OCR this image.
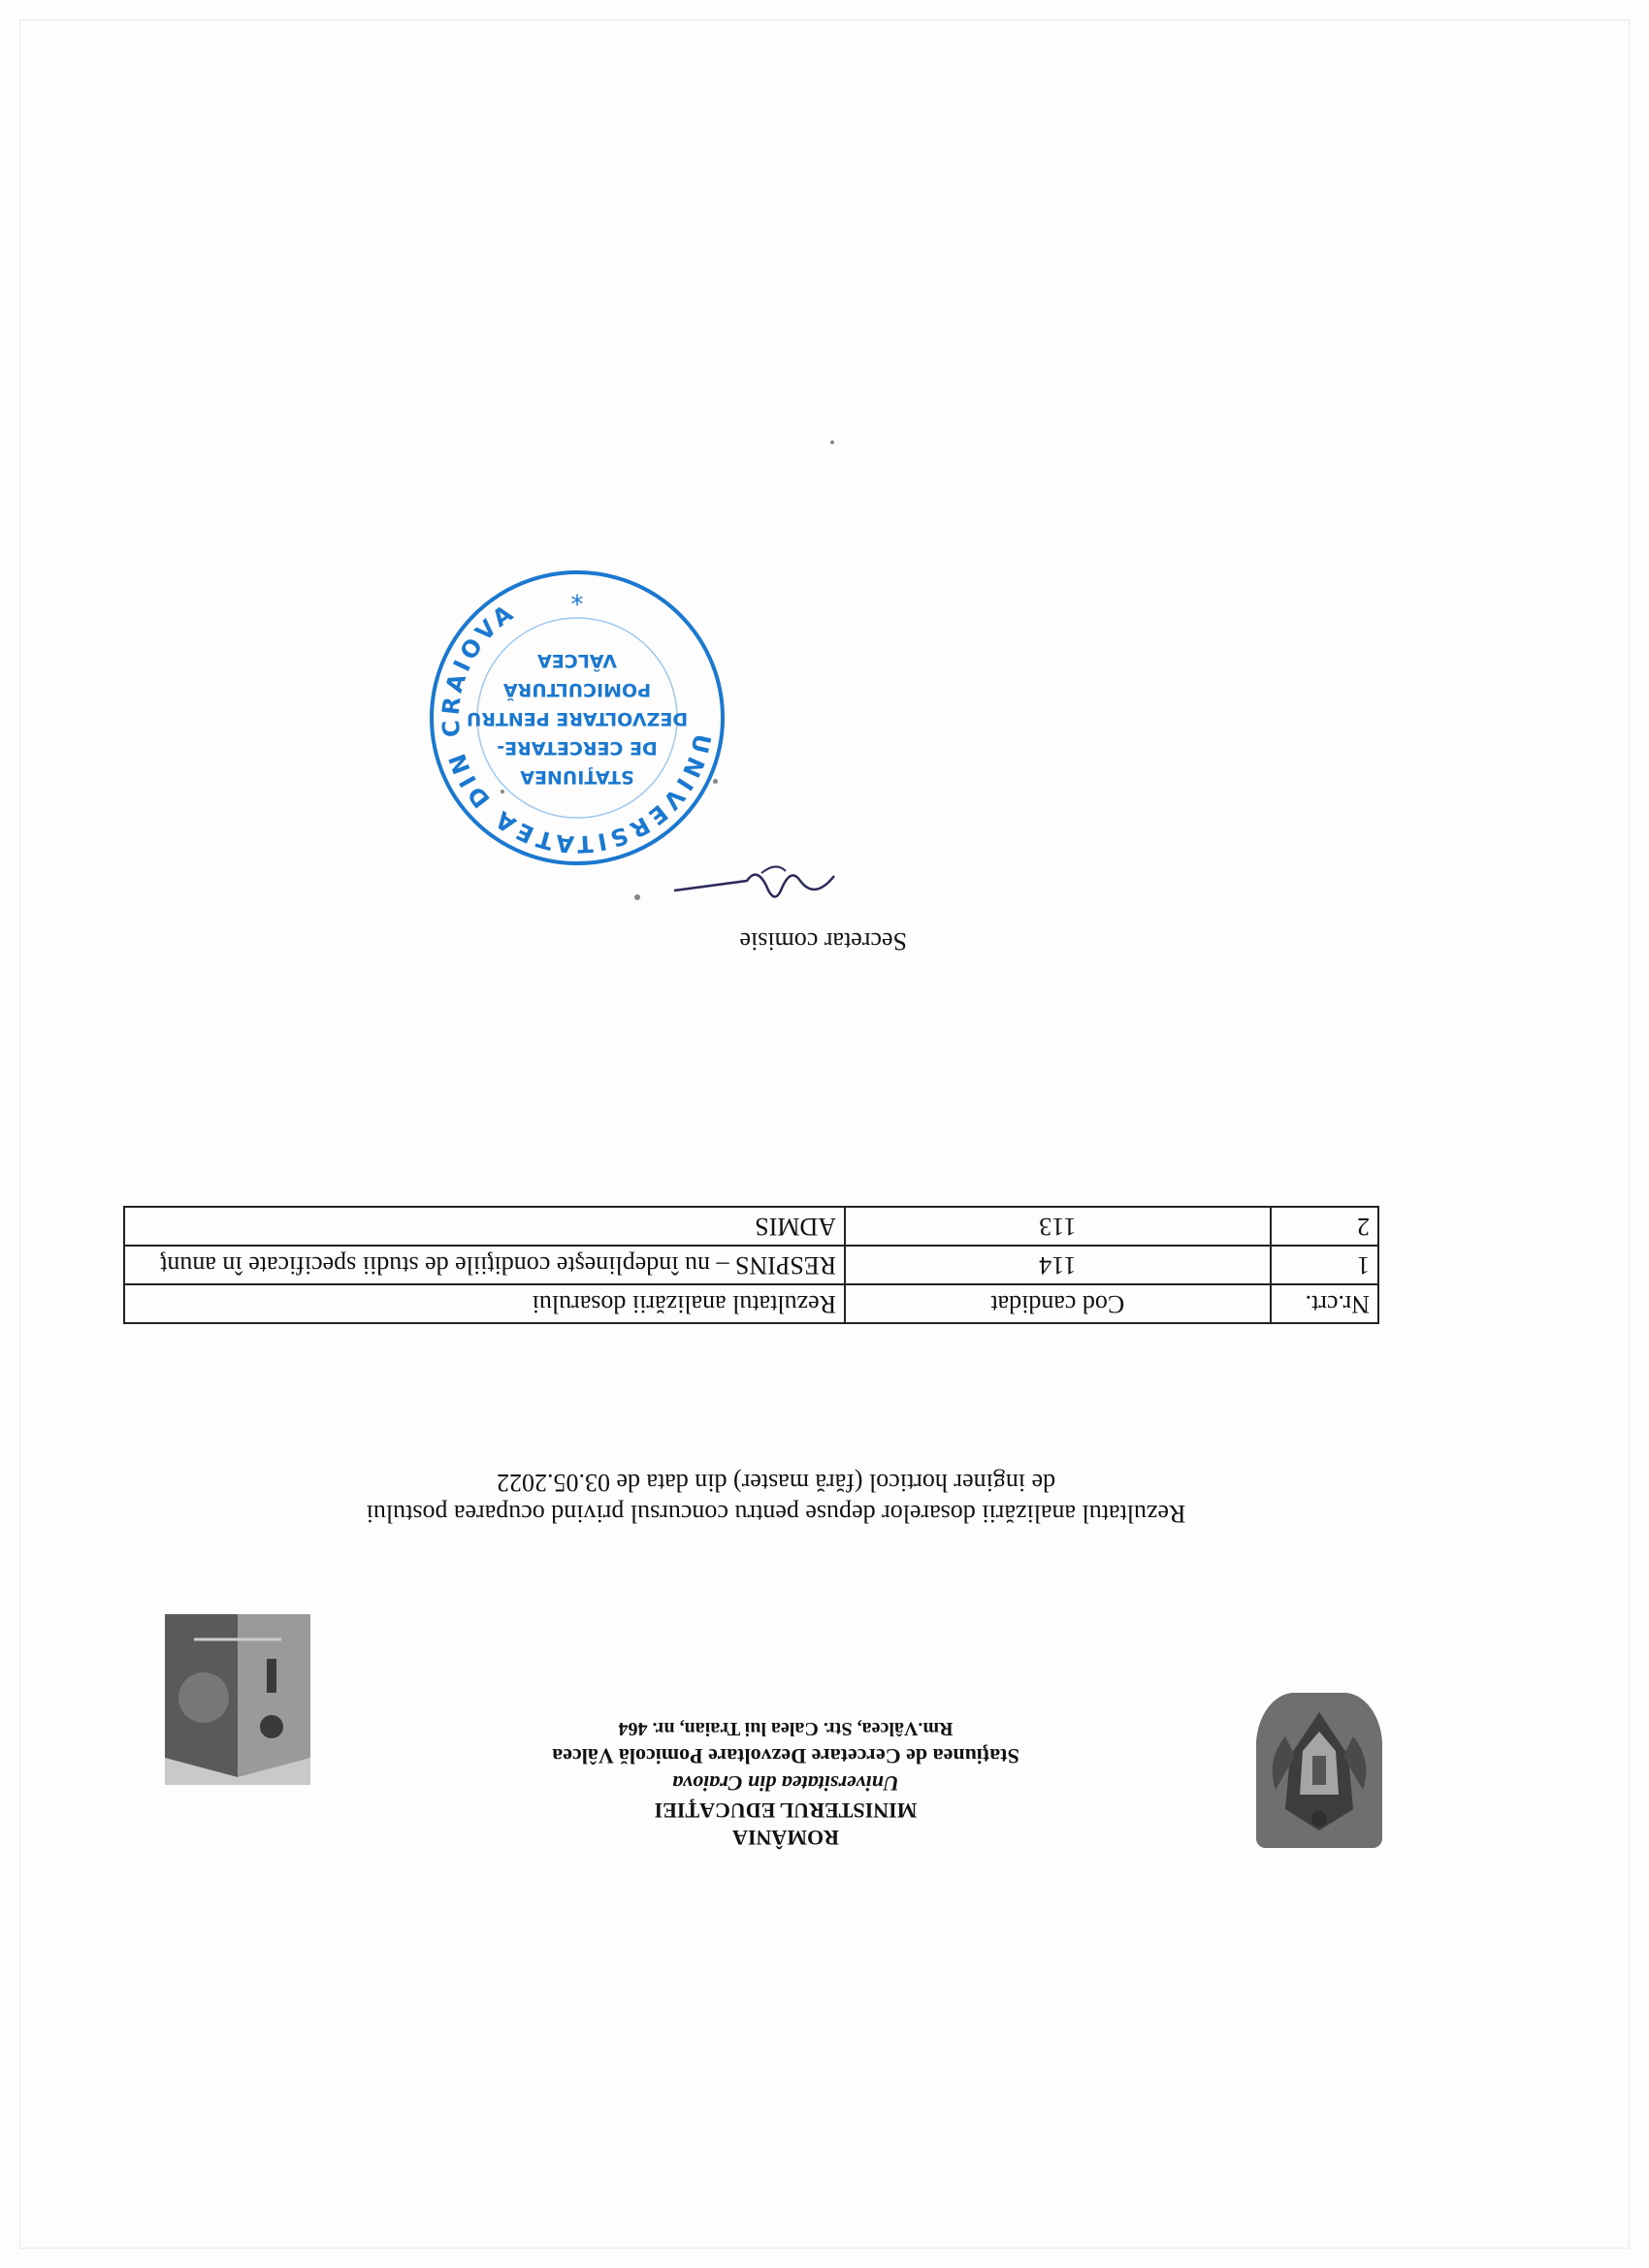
ROMÂNIA
MINISTERUL EDUCAŢIEI
Universitatea din Craiova
Staţiunea de Cercetare Dezvoltare Pomicolă Vâlcea
Rm.Vâlcea, Str. Calea lui Traian, nr. 464
Rezultatul analizării dosarelor depuse pentru concursul privind ocuparea postului
de inginer horticol (fără master) din data de 03.05.2022
Nr.crt.	Cod candidat	Rezultatul analizării dosarului
1	114	RESPINS – nu îndeplineşte condiţiile de studii specificate în anunţ
2	113	ADMIS
Secretar comisie
UNIVERSITATEA DIN CRAIOVA
*
STAŢIUNEA
DE CERCETARE-
DEZVOLTARE PENTRU
POMICULTURĂ
VÂLCEA
